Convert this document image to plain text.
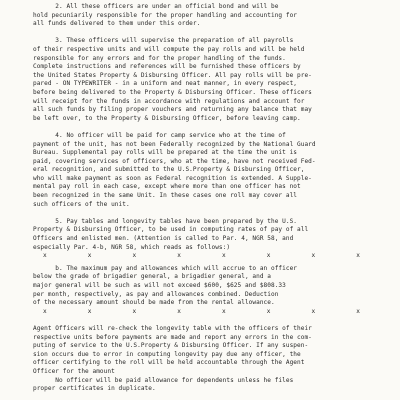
2. All these officers are under an official bond and will be
hold pecuniarily responsible for the proper handling and accounting for
all funds delivered to them under this order.
3. These officers will supervise the preparation of all payrolls
of their respective units and will compute the pay rolls and will be held
responsible for any errors and for the proper handling of the funds.
Complete instructions and references will be furnished these officers by
the United States Property & Disbursing Officer. All pay rolls will be pre-
pared - ON TYPEWRITER - in a uniform and neat manner, in every respect,
before being delivered to the Property & Disbursing Officer. These officers
will receipt for the funds in accordance with regulations and account for
all such funds by filing proper vouchers and returning any balance that may
be left over, to the Property & Disbursing Officer, before leaving camp.
4. No officer will be paid for camp service who at the time of
payment of the unit, has not been Federally recognized by the National Guard
Bureau. Supplemental pay rolls will be prepared at the time the unit is
paid, covering services of officers, who at the time, have not received Fed-
eral recognition, and submitted to the U.S.Property & Disbursing Officer,
who will make payment as soon as Federal recognition is extended. A Supple-
mental pay roll in each case, except where more than one officer has not
been recognized in the same Unit. In these cases one roll may cover all
such officers of the unit.
5. Pay tables and longevity tables have been prepared by the U.S.
Property & Disbursing Officer, to be used in computing rates of pay of all
Officers and enlisted men. (Attention is called to Par. 4, NGR 58, and
especially Par. 4-b, NGR 58, which reads as follows:)
x	x	x	x	x	x	x	x
b. The maximum pay and allowances which will accrue to an officer
below the grade of brigadier general, a brigadier general, and a
major general will be such as will not exceed $600, $625 and $808.33
per month, respectively, as pay and allowances combined. Deduction
of the necessary amount should be made from the rental allowance.
x	x	x	x	x	x	x	x
Agent Officers will re-check the longevity table with the officers of their
respective units before payments are made and report any errors in the com-
puting of service to the U.S.Property & Disbursing Officer. If any suspen-
sion occurs due to error in computing longevity pay due any officer, the
officer certifying to the roll will be held accountable through the Agent
Officer for the amount
No officer will be paid allowance for dependents unless he files
proper certificates in duplicate.
